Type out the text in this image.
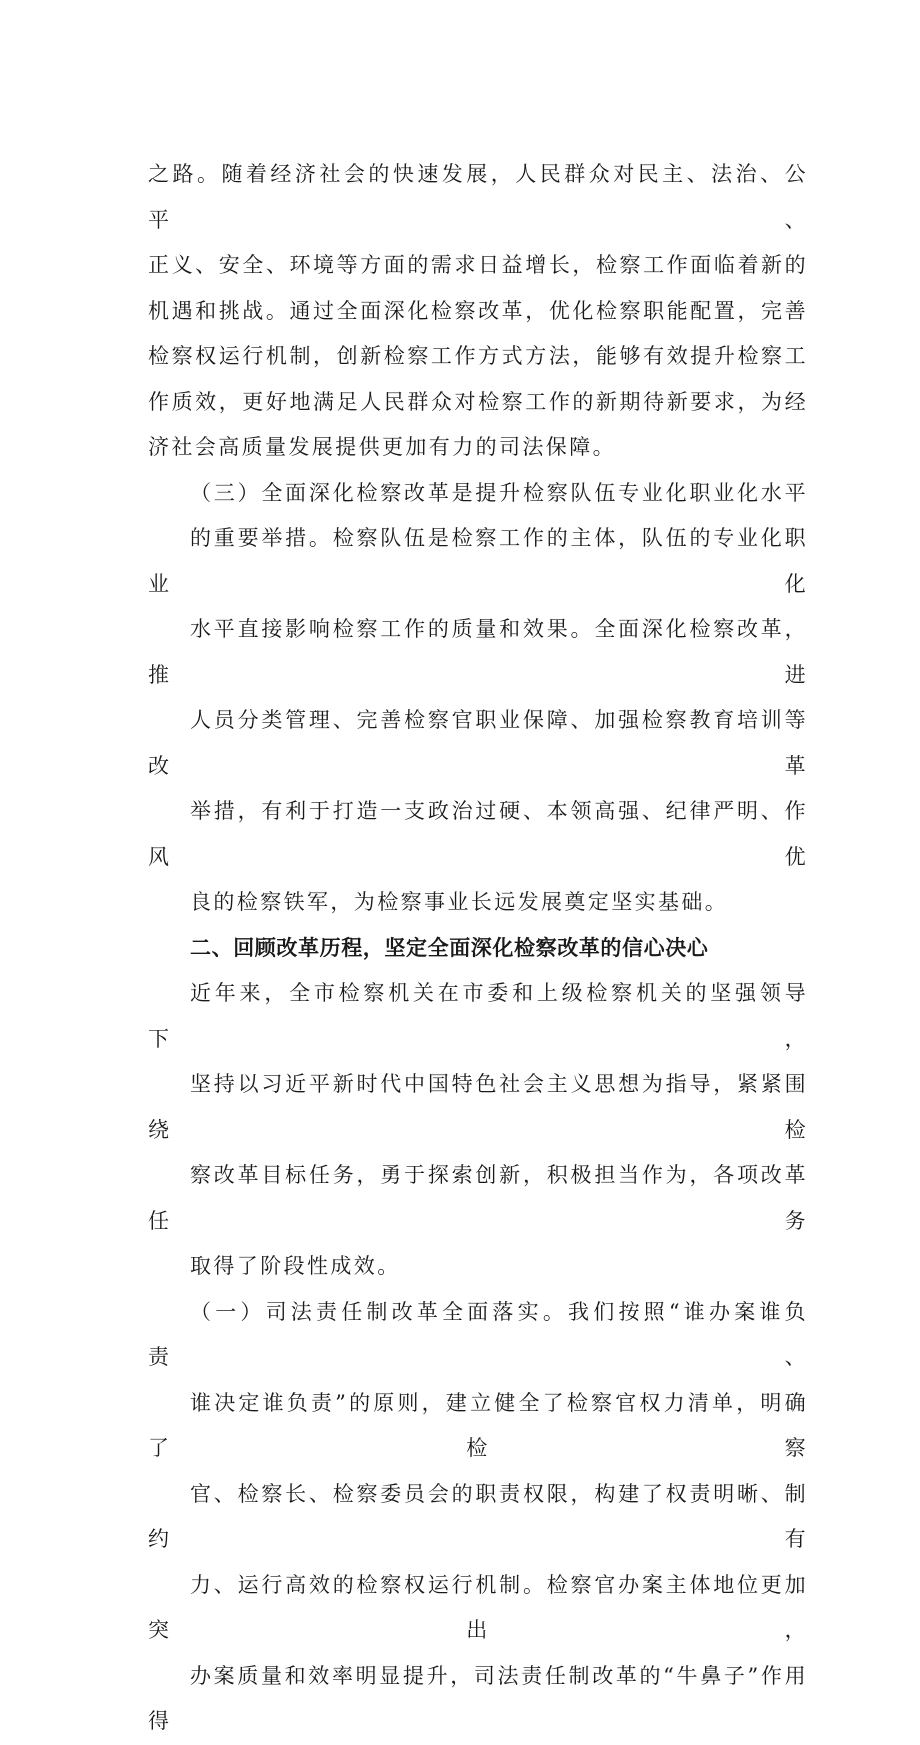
之路。随着经济社会的快速发展，人民群众对民主、法治、公平、
正义、安全、环境等方面的需求日益增长，检察工作面临着新的
机遇和挑战。通过全面深化检察改革，优化检察职能配置，完善
检察权运行机制，创新检察工作方式方法，能够有效提升检察工
作质效，更好地满足人民群众对检察工作的新期待新要求，为经
济社会高质量发展提供更加有力的司法保障。
（三）全面深化检察改革是提升检察队伍专业化职业化水平
的重要举措。检察队伍是检察工作的主体，队伍的专业化职业化
水平直接影响检察工作的质量和效果。全面深化检察改革，推进
人员分类管理、完善检察官职业保障、加强检察教育培训等改革
举措，有利于打造一支政治过硬、本领高强、纪律严明、作风优
良的检察铁军，为检察事业长远发展奠定坚实基础。
二、回顾改革历程，坚定全面深化检察改革的信心决心
近年来，全市检察机关在市委和上级检察机关的坚强领导下，
坚持以习近平新时代中国特色社会主义思想为指导，紧紧围绕检
察改革目标任务，勇于探索创新，积极担当作为，各项改革任务
取得了阶段性成效。
（一）司法责任制改革全面落实。我们按照“谁办案谁负责、
谁决定谁负责”的原则，建立健全了检察官权力清单，明确了检察
官、检察长、检察委员会的职责权限，构建了权责明晰、制约有
力、运行高效的检察权运行机制。检察官办案主体地位更加突出，
办案质量和效率明显提升，司法责任制改革的“牛鼻子”作用得
